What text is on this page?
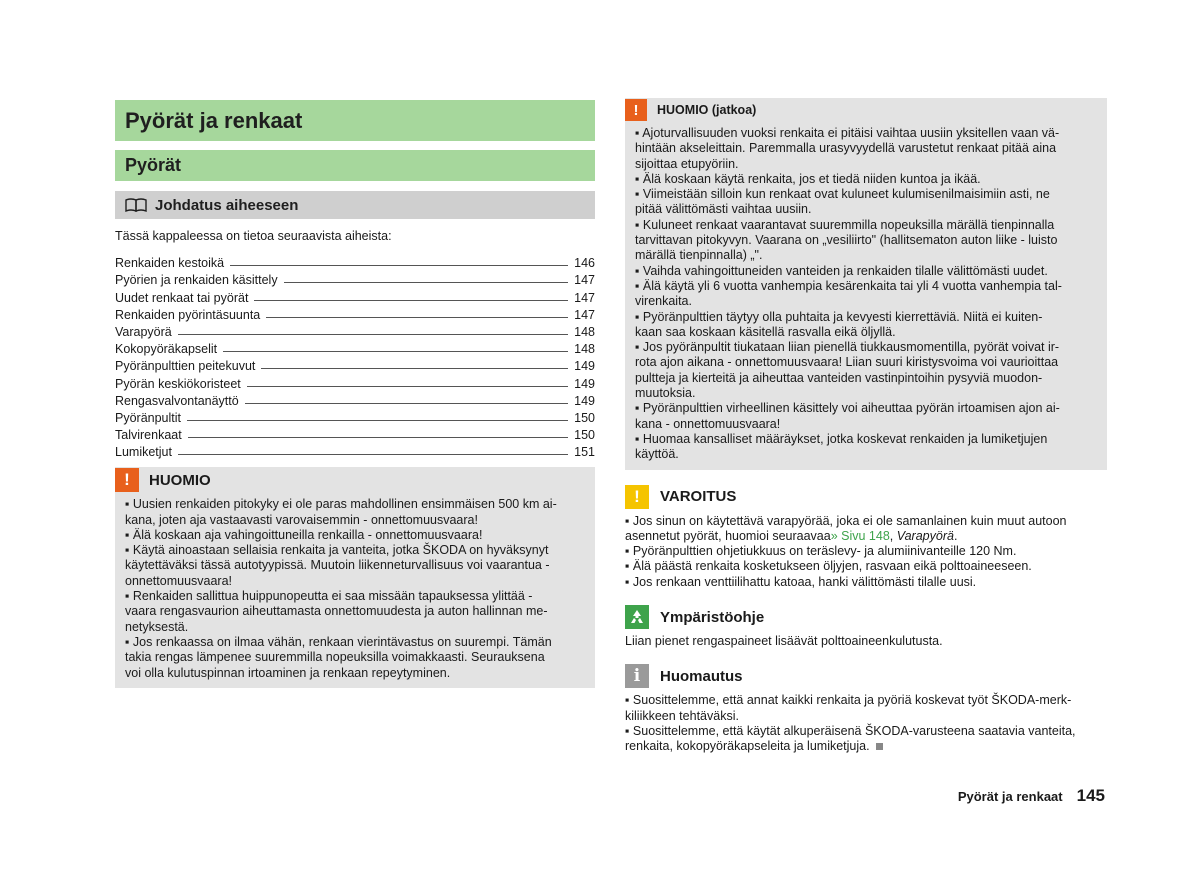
Pyörät ja renkaat
Pyörät
Johdatus aiheeseen
Tässä kappaleessa on tietoa seuraavista aiheista:
Renkaiden kestoikä	146
Pyörien ja renkaiden käsittely	147
Uudet renkaat tai pyörät	147
Renkaiden pyörintäsuunta	147
Varapyörä	148
Kokopyöräkapselit	148
Pyöränpulttien peitekuvut	149
Pyörän keskiökoristeet	149
Rengasvalvontanäyttö	149
Pyöränpultit	150
Talvirenkaat	150
Lumiketjut	151
!	HUOMIO
▪ Uusien renkaiden pitokyky ei ole paras mahdollinen ensimmäisen 500 km ai-
kana, joten aja vastaavasti varovaisemmin - onnettomuusvaara!
▪ Älä koskaan aja vahingoittuneilla renkailla - onnettomuusvaara!
▪ Käytä ainoastaan sellaisia renkaita ja vanteita, jotka ŠKODA on hyväksynyt
käytettäväksi tässä autotyypissä. Muutoin liikenneturvallisuus voi vaarantua -
onnettomuusvaara!
▪ Renkaiden sallittua huippunopeutta ei saa missään tapauksessa ylittää -
vaara rengasvaurion aiheuttamasta onnettomuudesta ja auton hallinnan me-
netyksestä.
▪ Jos renkaassa on ilmaa vähän, renkaan vierintävastus on suurempi. Tämän
takia rengas lämpenee suuremmilla nopeuksilla voimakkaasti. Seurauksena
voi olla kulutuspinnan irtoaminen ja renkaan repeytyminen.
!	HUOMIO (jatkoa)
▪ Ajoturvallisuuden vuoksi renkaita ei pitäisi vaihtaa uusiin yksitellen vaan vä-
hintään akseleittain. Paremmalla urasyvyydellä varustetut renkaat pitää aina
sijoittaa etupyöriin.
▪ Älä koskaan käytä renkaita, jos et tiedä niiden kuntoa ja ikää.
▪ Viimeistään silloin kun renkaat ovat kuluneet kulumisenilmaisimiin asti, ne
pitää välittömästi vaihtaa uusiin.
▪ Kuluneet renkaat vaarantavat suuremmilla nopeuksilla märällä tienpinnalla
tarvittavan pitokyvyn. Vaarana on „vesiliirto" (hallitsematon auton liike - luisto
märällä tienpinnalla) „".
▪ Vaihda vahingoittuneiden vanteiden ja renkaiden tilalle välittömästi uudet.
▪ Älä käytä yli 6 vuotta vanhempia kesärenkaita tai yli 4 vuotta vanhempia tal-
virenkaita.
▪ Pyöränpulttien täytyy olla puhtaita ja kevyesti kierrettäviä. Niitä ei kuiten-
kaan saa koskaan käsitellä rasvalla eikä öljyllä.
▪ Jos pyöränpultit tiukataan liian pienellä tiukkausmomentilla, pyörät voivat ir-
rota ajon aikana - onnettomuusvaara! Liian suuri kiristysvoima voi vaurioittaa
pultteja ja kierteitä ja aiheuttaa vanteiden vastinpintoihin pysyviä muodon-
muutoksia.
▪ Pyöränpulttien virheellinen käsittely voi aiheuttaa pyörän irtoamisen ajon ai-
kana - onnettomuusvaara!
▪ Huomaa kansalliset määräykset, jotka koskevat renkaiden ja lumiketjujen
käyttöä.
!	VAROITUS
▪ Jos sinun on käytettävä varapyörää, joka ei ole samanlainen kuin muut autoon
asennetut pyörät, huomioi seuraavaa» Sivu 148, Varapyörä.
▪ Pyöränpulttien ohjetiukkuus on teräslevy- ja alumiinivanteille 120 Nm.
▪ Älä päästä renkaita kosketukseen öljyjen, rasvaan eikä polttoaineeseen.
▪ Jos renkaan venttiilihattu katoaa, hanki välittömästi tilalle uusi.
Ympäristöohje
Liian pienet rengaspaineet lisäävät polttoaineenkulutusta.
i	Huomautus
▪ Suosittelemme, että annat kaikki renkaita ja pyöriä koskevat työt ŠKODA-merk-
kiliikkeen tehtäväksi.
▪ Suosittelemme, että käytät alkuperäisenä ŠKODA-varusteena saatavia vanteita,
renkaita, kokopyöräkapseleita ja lumiketjuja.
Pyörät ja renkaat 145
